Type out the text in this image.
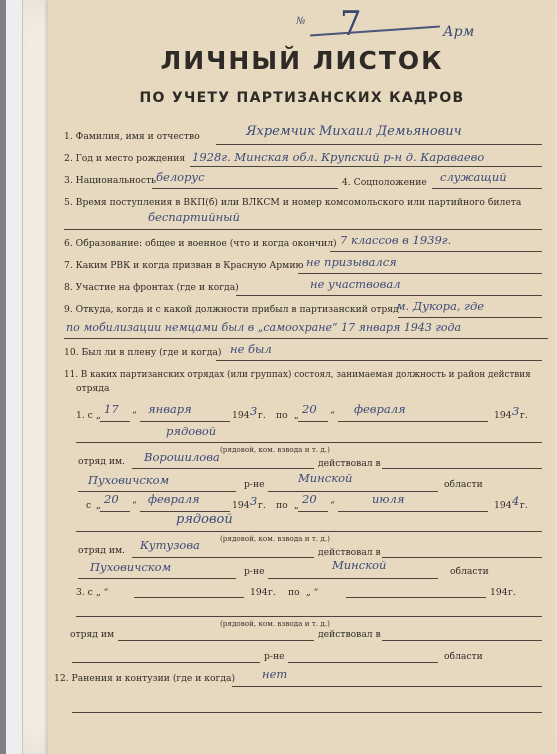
№ 7	Арм
ЛИЧНЫЙ ЛИСТОК
ПО УЧЕТУ ПАРТИЗАНСКИХ КАДРОВ
1. Фамилия, имя и отчество	Яхремчик Михаил Демьянович
2. Год и место рождения 1928г. Минская обл. Крупский р-н д. Караваево
3. Национальность белорус	4. Соцположение служащий
5. Время поступления в ВКП(б) или ВЛКСМ и номер комсомольского или партийного билета
беспартийный
6. Образование: общее и военное (что и когда окончил) 7 классов в 1939г.
7. Каким РВК и когда призван в Красную Армию не призывался
8. Участие на фронтах (где и когда)	не участвовал
9. Откуда, когда и с какой должности прибыл в партизанский отряд
м. Дукора, где
по мобилизации немцами был в „самоохране“ 17 января 1943 года
10. Был ли в плену (где и когда) не был
11. В каких партизанских отрядах (или группах) состоял, занимаемая должность и район действия
отряда
1. с „ 17 “ января	194 3 г. по „ 20 “ февраля	194 3 г.
рядовой
(рядовой, ком. взвода и т. д.)
отряд им. Ворошилова	действовал в
Пуховичском	р-не	Минской	области
с „ 20 “ февраля	194 3 г. по „ 20 “	июля	194 4 г.
рядовой
(рядовой, ком. взвода и т. д.)
отряд им. Кутузова
действовал в
Пуховичском	р-не	Минской	области
3. с „ “	194 г. по „ “	194 г.
(рядовой, ком. взвода и т. д.)
отряд им	действовал в
р-не	области
12. Ранения и контузии (где и когда) нет
